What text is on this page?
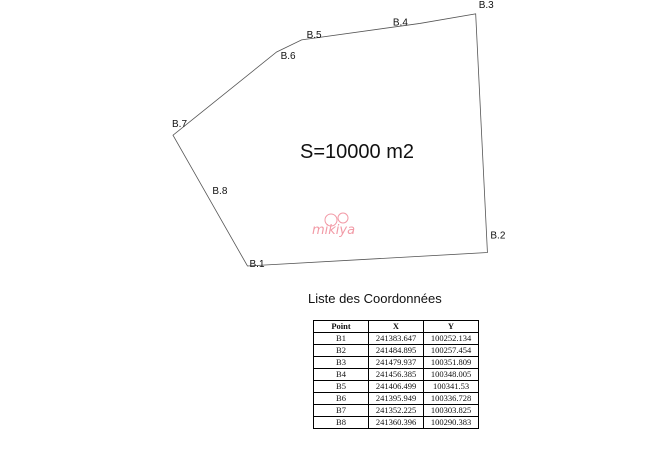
B.1
B.2
B.3
B.4
B.5
B.6
B.7
B.8
S=10000 m2
mikiya
Liste des Coordonnées
Point	X	Y
B1	241383.647	100252.134
B2	241484.895	100257.454
B3	241479.937	100351.809
B4	241456.385	100348.005
B5	241406.499	100341.53
B6	241395.949	100336.728
B7	241352.225	100303.825
B8	241360.396	100290.383
